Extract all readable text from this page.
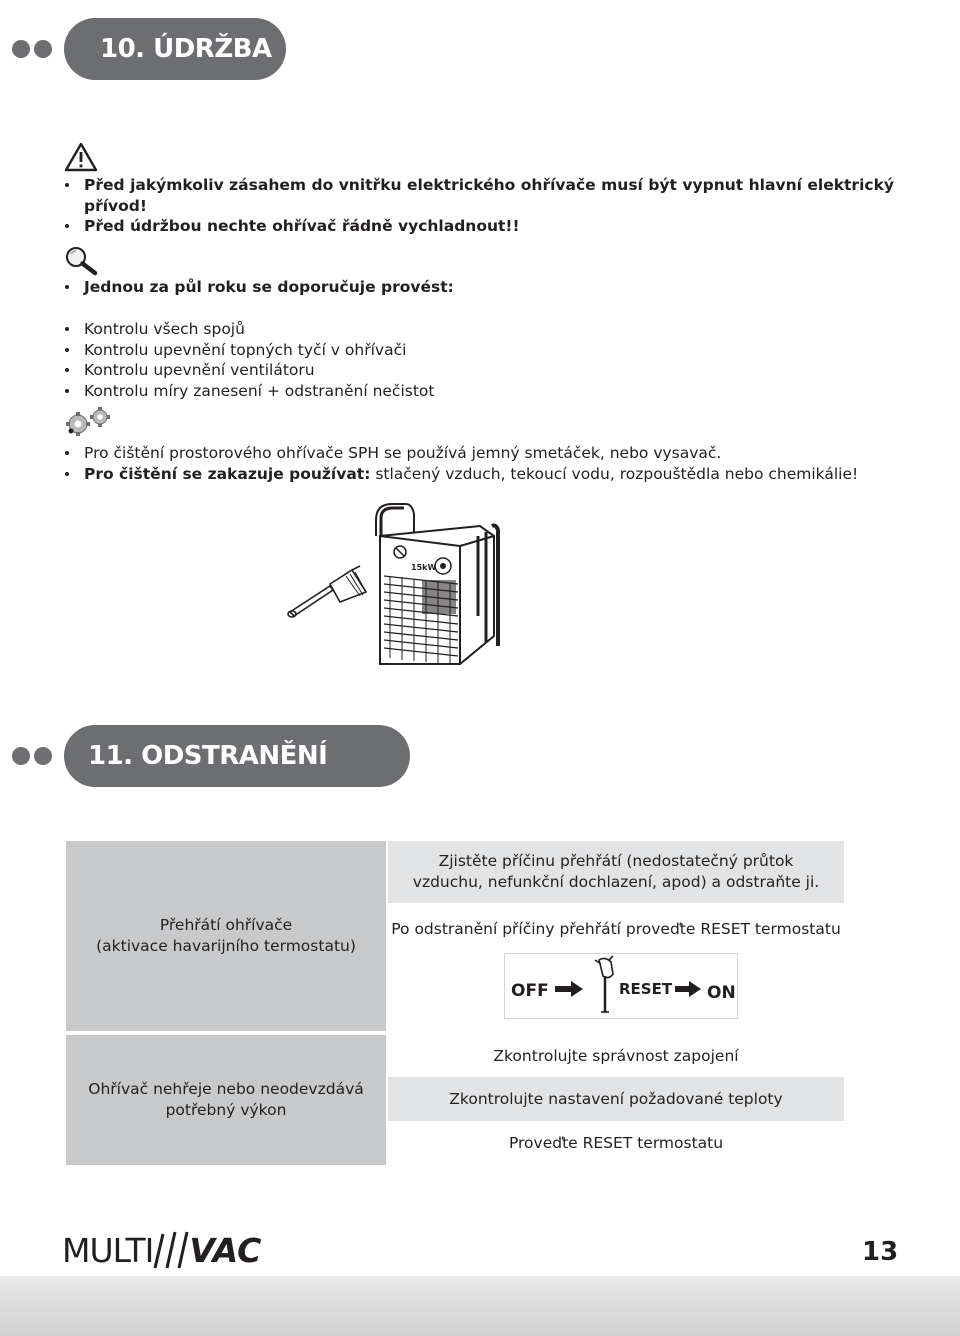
10. ÚDRŽBA
Před jakýmkoliv zásahem do vnitřku elektrického ohřívače musí být vypnut hlavní elektrický přívod!
Před údržbou nechte ohřívač řádně vychladnout!!
Jednou za půl roku se doporučuje provést:
Kontrolu všech spojů
Kontrolu upevnění topných tyčí v ohřívači
Kontrolu upevnění ventilátoru
Kontrolu míry zanesení + odstranění nečistot
Pro čištění prostorového ohřívače SPH se používá jemný smetáček, nebo vysavač.
Pro čištění se zakazuje používat: stlačený vzduch, tekoucí vodu, rozpouštědla nebo chemikálie!
15kW
11. ODSTRANĚNÍ ZÁVAD
Přehřátí ohřívače
(aktivace havarijního termostatu)
Zjistěte příčinu přehřátí (nedostatečný průtok vzduchu, nefunkční dochlazení, apod) a odstraňte ji.
Po odstranění příčiny přehřátí proveďte RESET termostatu
Ohřívač nehřeje nebo neodevzdává
potřebný výkon
Zkontrolujte správnost zapojení
Zkontrolujte nastavení požadované teploty
Proveďte RESET termostatu
OFF	RESET ON
MULTI VAC	13
